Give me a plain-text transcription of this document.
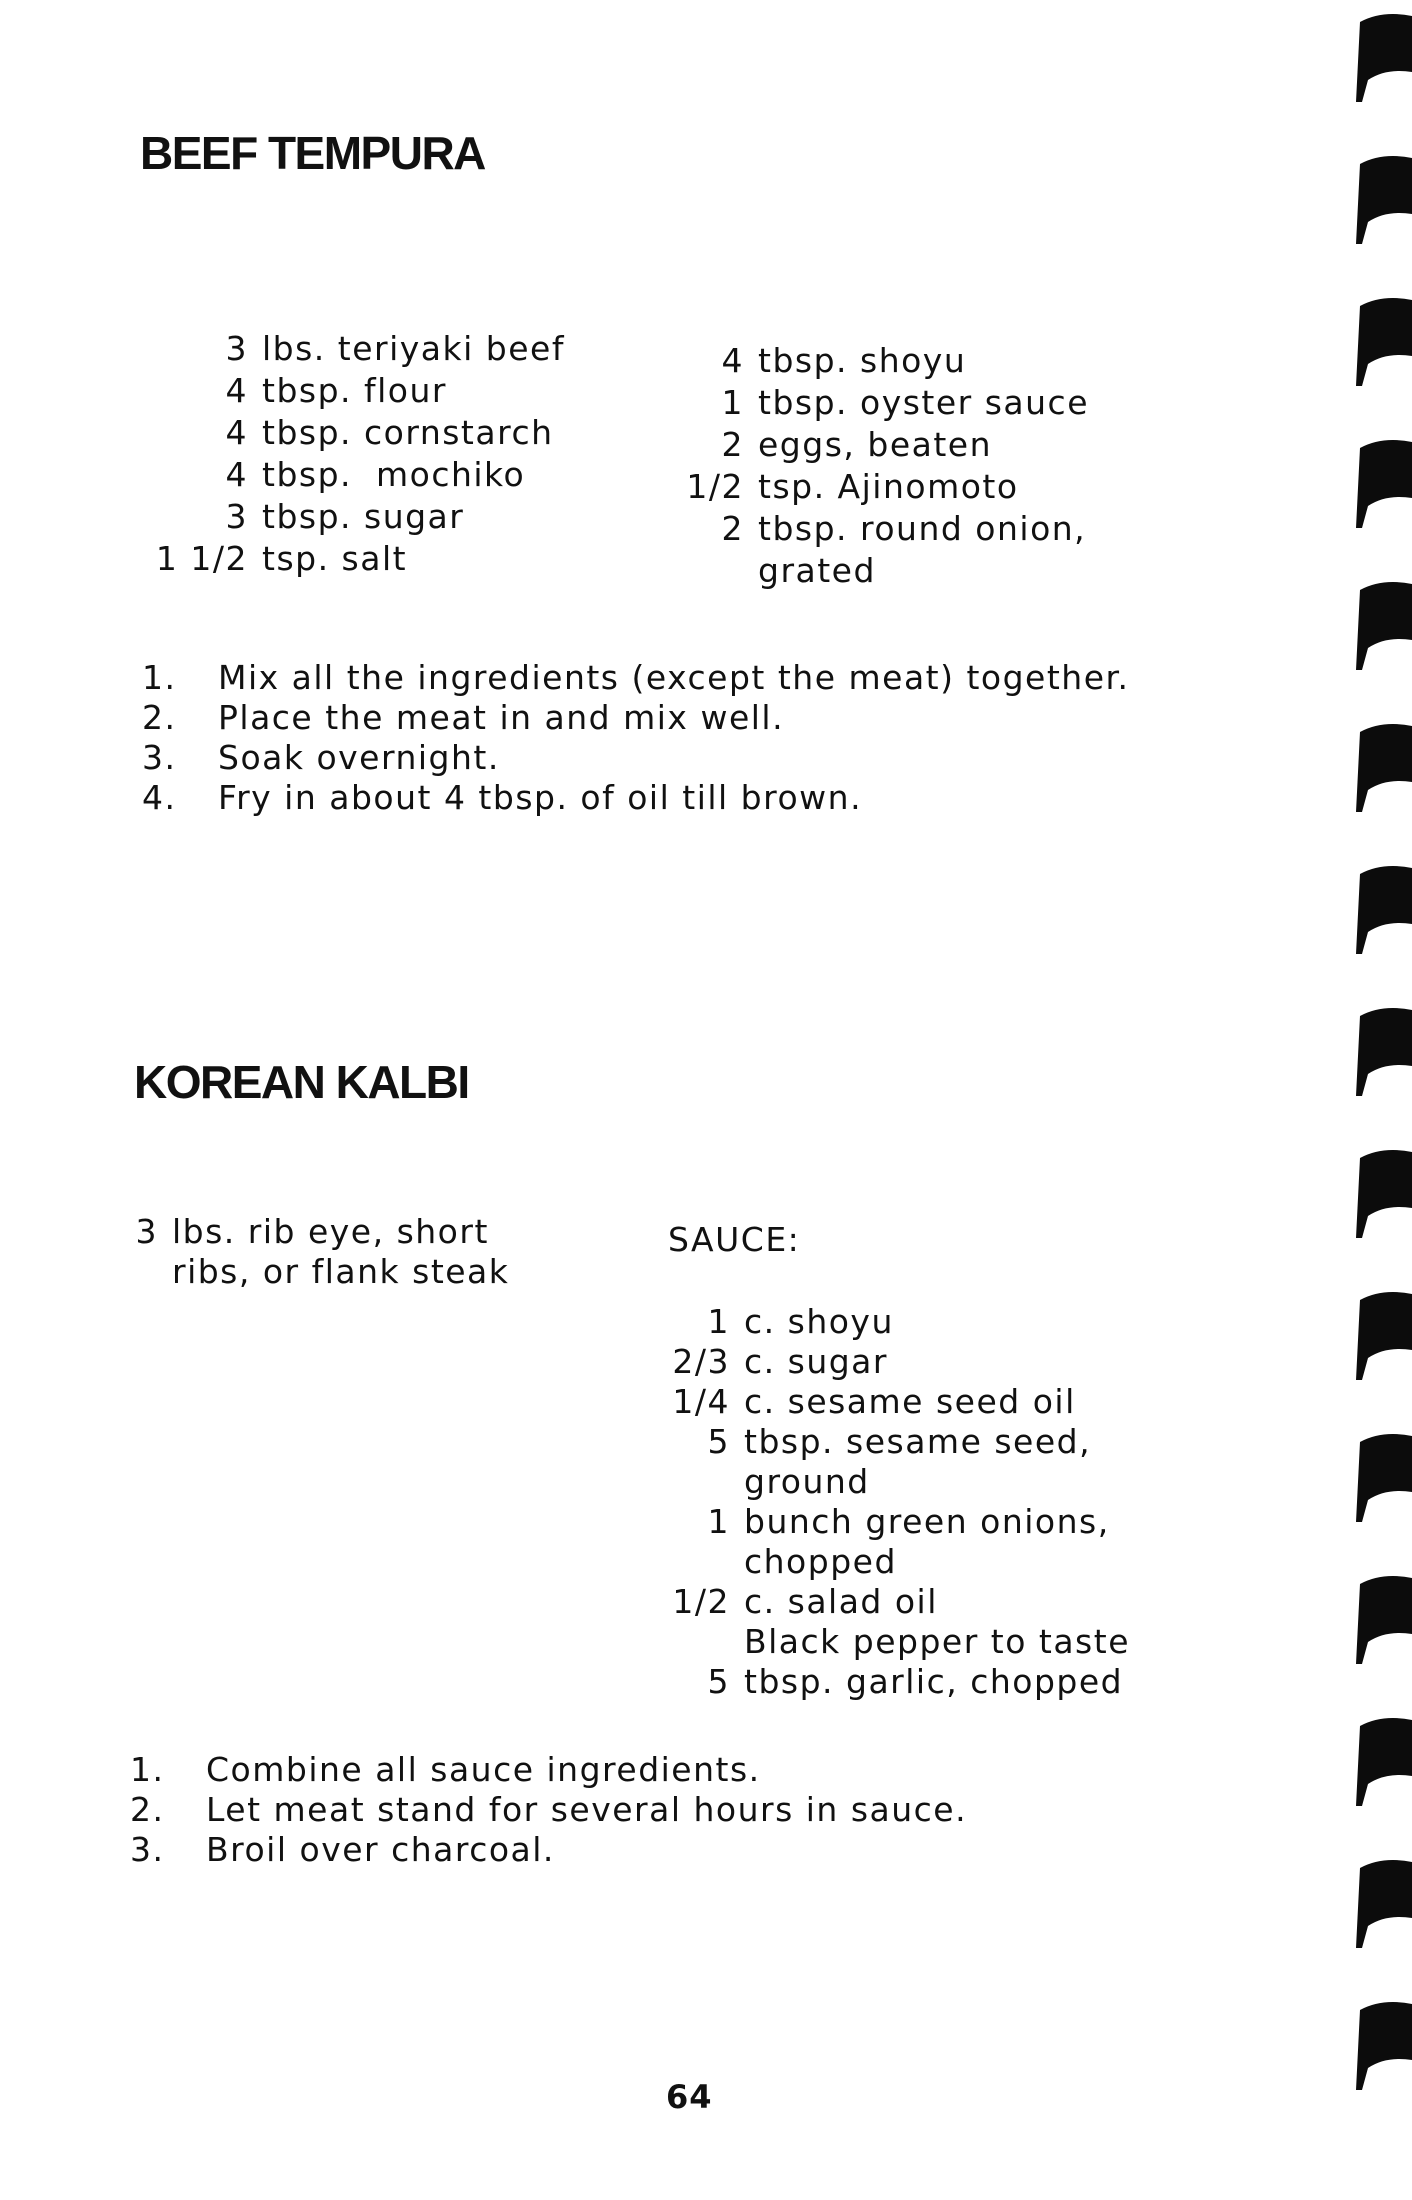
BEEF TEMPURA
3 lbs. teriyaki beef
4 tbsp. flour
4 tbsp. cornstarch
4 tbsp.  mochiko
3 tbsp. sugar
1 1/2 tsp. salt
4 tbsp. shoyu
1 tbsp. oyster sauce
2 eggs, beaten
1/2 tsp. Ajinomoto
2 tbsp. round onion,
grated
1. Mix all the ingredients (except the meat) together.
2. Place the meat in and mix well.
3. Soak overnight.
4. Fry in about 4 tbsp. of oil till brown.
KOREAN KALBI
3 lbs. rib eye, short
ribs, or flank steak
SAUCE:
1 c. shoyu
2/3 c. sugar
1/4 c. sesame seed oil
5 tbsp. sesame seed,
ground
1 bunch green onions,
chopped
1/2 c. salad oil
Black pepper to taste
5 tbsp. garlic, chopped
1. Combine all sauce ingredients.
2. Let meat stand for several hours in sauce.
3. Broil over charcoal.
64
